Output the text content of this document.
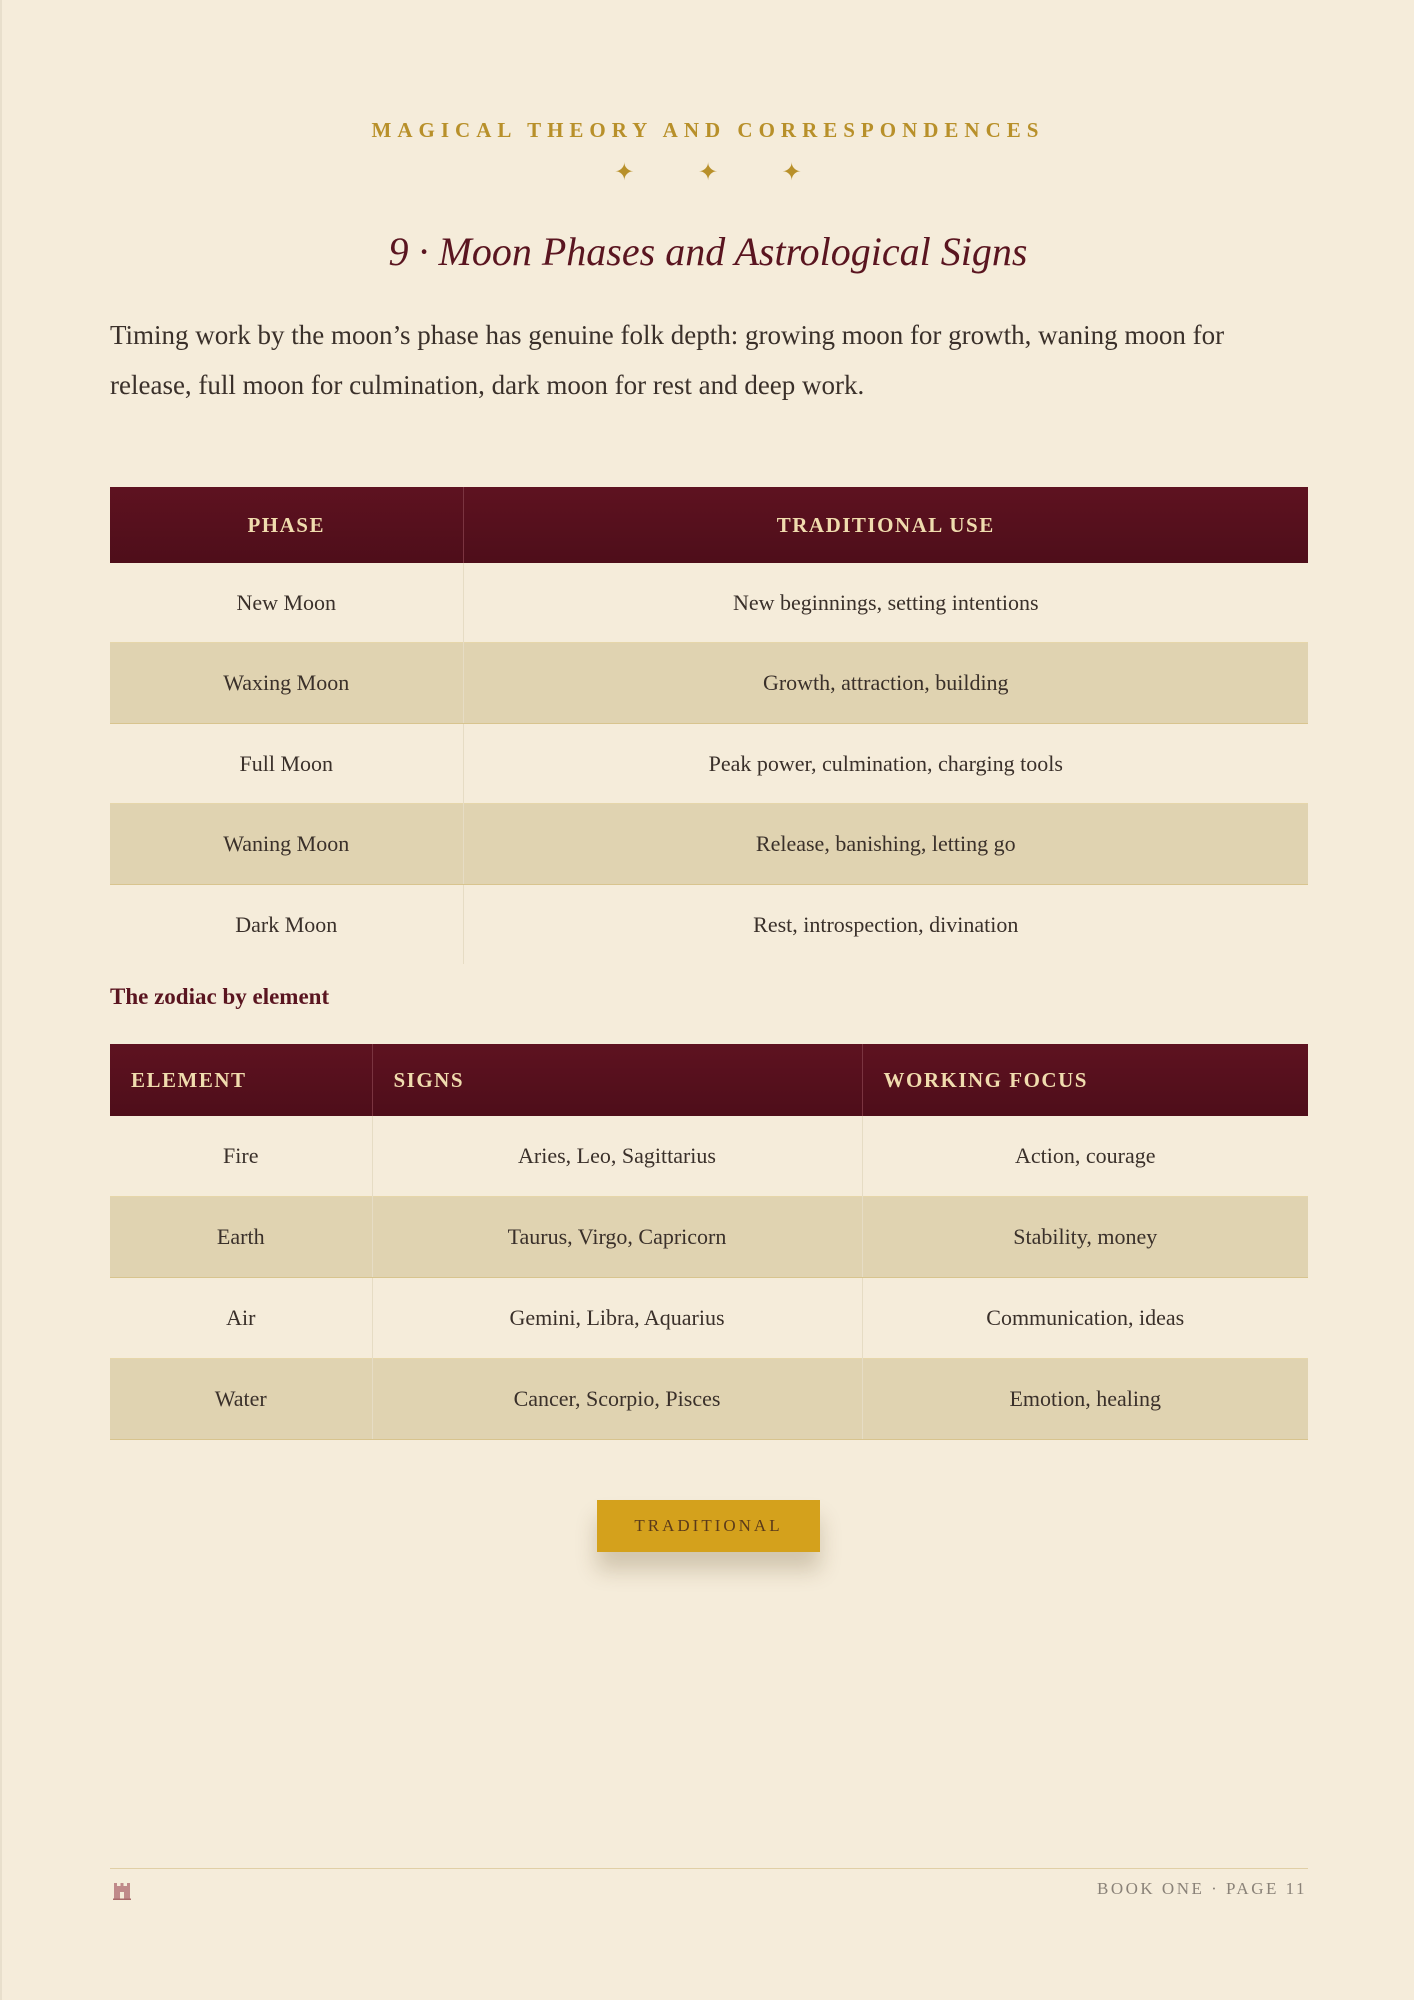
MAGICAL THEORY AND CORRESPONDENCES
✦ ✦ ✦
9 · Moon Phases and Astrological Signs

Timing work by the moon’s phase has genuine folk depth: growing moon for growth, waning moon for release, full moon for culmination, dark moon for rest and deep work.

PHASE	TRADITIONAL USE
New Moon	New beginnings, setting intentions
Waxing Moon	Growth, attraction, building
Full Moon	Peak power, culmination, charging tools
Waning Moon	Release, banishing, letting go
Dark Moon	Rest, introspection, divination
The zodiac by element
ELEMENT	SIGNS	WORKING FOCUS
Fire	Aries, Leo, Sagittarius	Action, courage
Earth	Taurus, Virgo, Capricorn	Stability, money
Air	Gemini, Libra, Aquarius	Communication, ideas
Water	Cancer, Scorpio, Pisces	Emotion, healing
TRADITIONAL
BOOK ONE · PAGE 11
